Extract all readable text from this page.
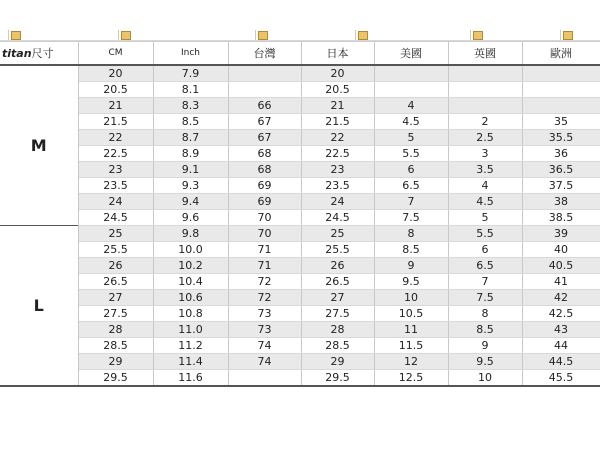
titan尺寸	CM	Inch	台灣	日本	美國	英國	歐洲
M	20	7.9		20			
	20.5	8.1		20.5			
	21	8.3	66	21	4		
	21.5	8.5	67	21.5	4.5	2	35
	22	8.7	67	22	5	2.5	35.5
	22.5	8.9	68	22.5	5.5	3	36
	23	9.1	68	23	6	3.5	36.5
	23.5	9.3	69	23.5	6.5	4	37.5
	24	9.4	69	24	7	4.5	38
	24.5	9.6	70	24.5	7.5	5	38.5
L	25	9.8	70	25	8	5.5	39
	25.5	10.0	71	25.5	8.5	6	40
	26	10.2	71	26	9	6.5	40.5
	26.5	10.4	72	26.5	9.5	7	41
	27	10.6	72	27	10	7.5	42
	27.5	10.8	73	27.5	10.5	8	42.5
	28	11.0	73	28	11	8.5	43
	28.5	11.2	74	28.5	11.5	9	44
	29	11.4	74	29	12	9.5	44.5
	29.5	11.6		29.5	12.5	10	45.5
